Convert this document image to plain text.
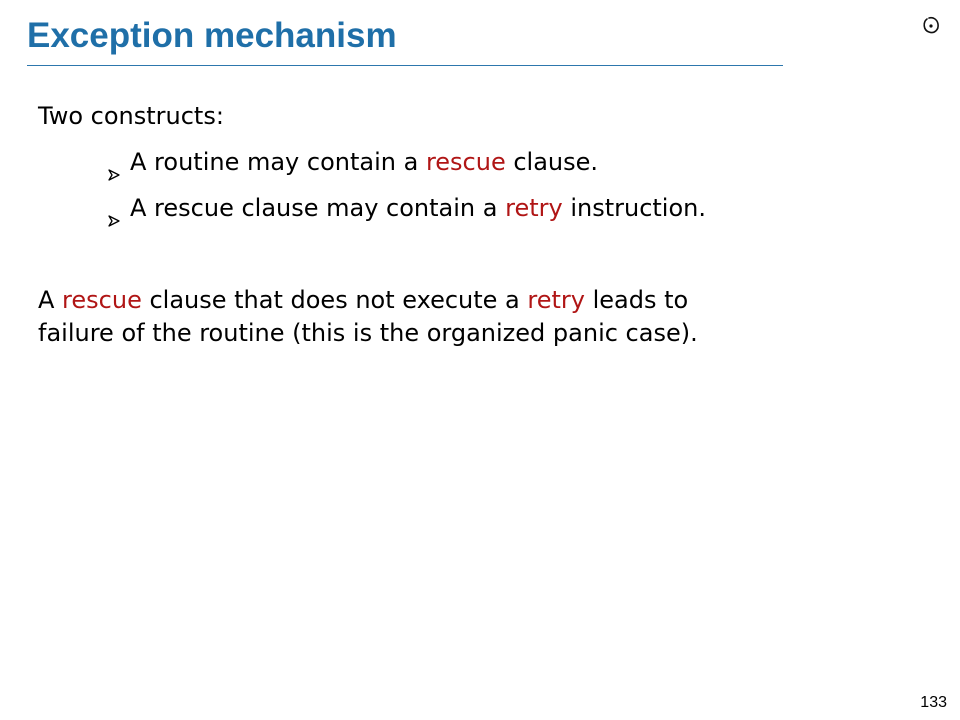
Exception mechanism

Two constructs:

A routine may contain a rescue clause.
A rescue clause may contain a retry instruction.

A rescue clause that does not execute a retry leads to
failure of the routine (this is the organized panic case).

133
